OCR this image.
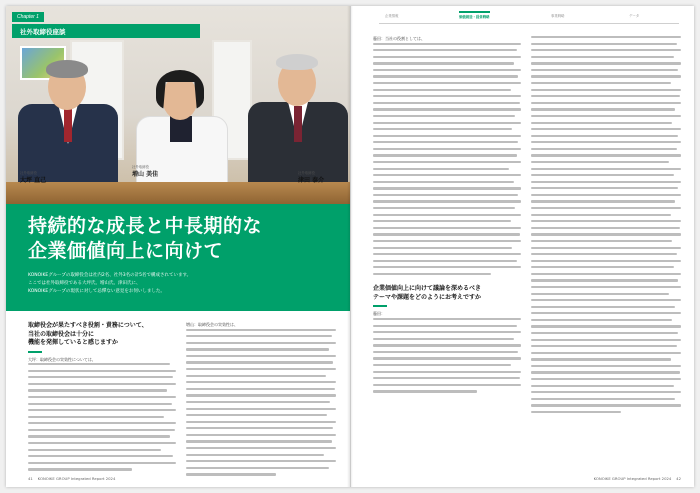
Chapter 1
社外取締役座談
社外取締役
大坪 直己
社外取締役
増山 美佳	社外取締役
津田 泰介
持続的な成長と中長期的な
企業価値向上に向けて
KONOIKEグループの取締役会は社内2名、社外3名の計5名で構成されています。
ここでは社外取締役である大坪氏、増山氏、津田氏に、
KONOIKEグループの現状に対して忌憚ない意見をお伺いしました。
取締役会が果たすべき役割・責務について、
当社の取締役会は十分に
機能を発揮していると感じますか
大坪：取締役会の実効性については、
増山：取締役会の実効性は、
41 KONOIKE GROUP Integrated Report 2024
企業情報	価値創造・経営戦略	事業戦略	データ
藤田：当社の役割としては、
企業価値向上に向けて議論を深めるべき
テーマや課題をどのようにお考えですか
藤田：
KONOIKE GROUP Integrated Report 2024 42
